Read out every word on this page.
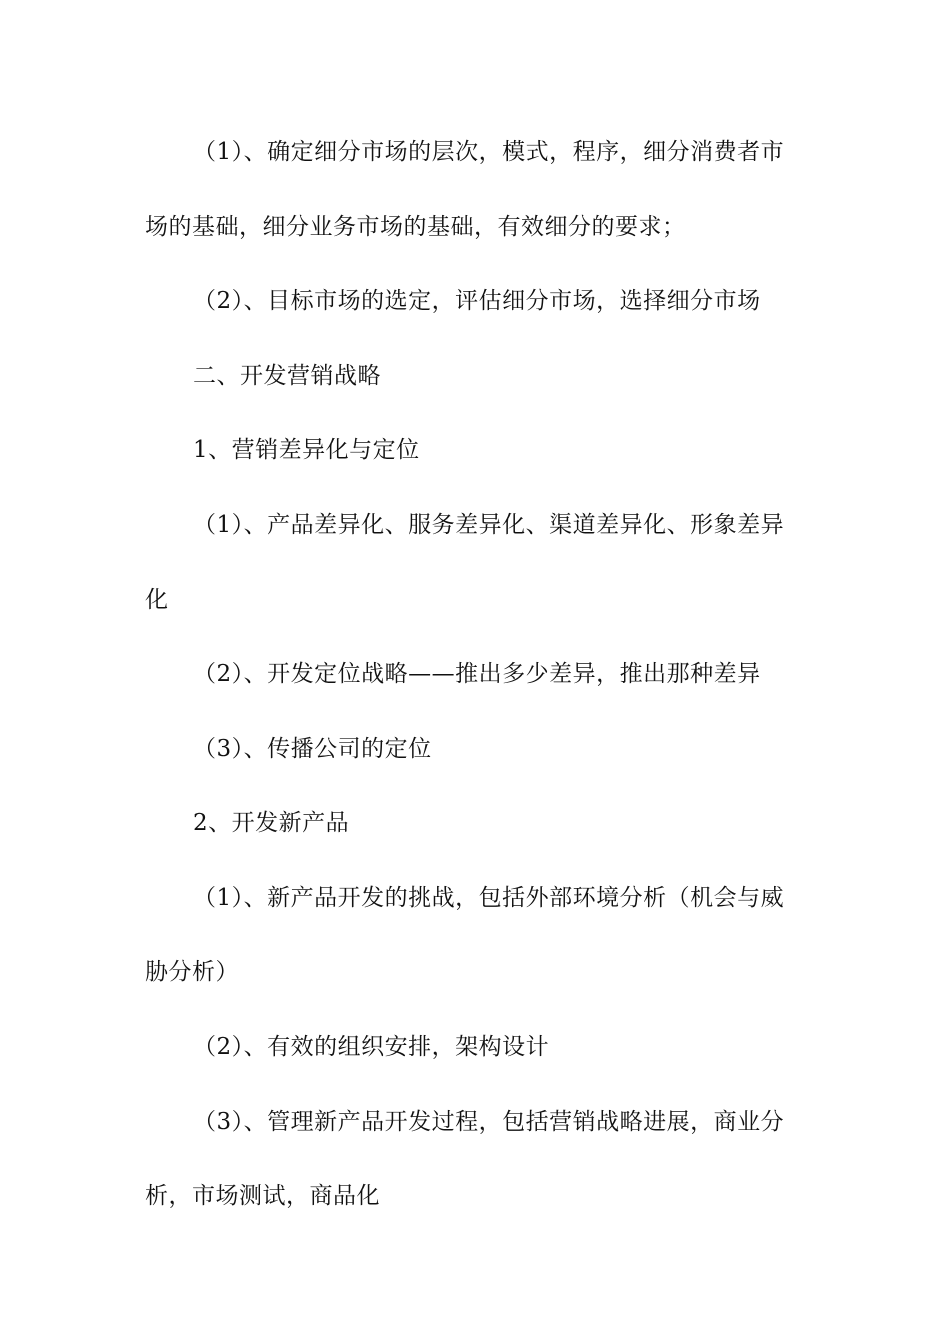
（1）、确定细分市场的层次，模式，程序，细分消费者市
场的基础，细分业务市场的基础，有效细分的要求；
（2）、目标市场的选定，评估细分市场，选择细分市场
二、开发营销战略
1、营销差异化与定位
（1）、产品差异化、服务差异化、渠道差异化、形象差异
化
（2）、开发定位战略——推出多少差异，推出那种差异
（3）、传播公司的定位
2、开发新产品
（1）、新产品开发的挑战，包括外部环境分析（机会与威
胁分析）
（2）、有效的组织安排，架构设计
（3）、管理新产品开发过程，包括营销战略进展，商业分
析，市场测试，商品化
